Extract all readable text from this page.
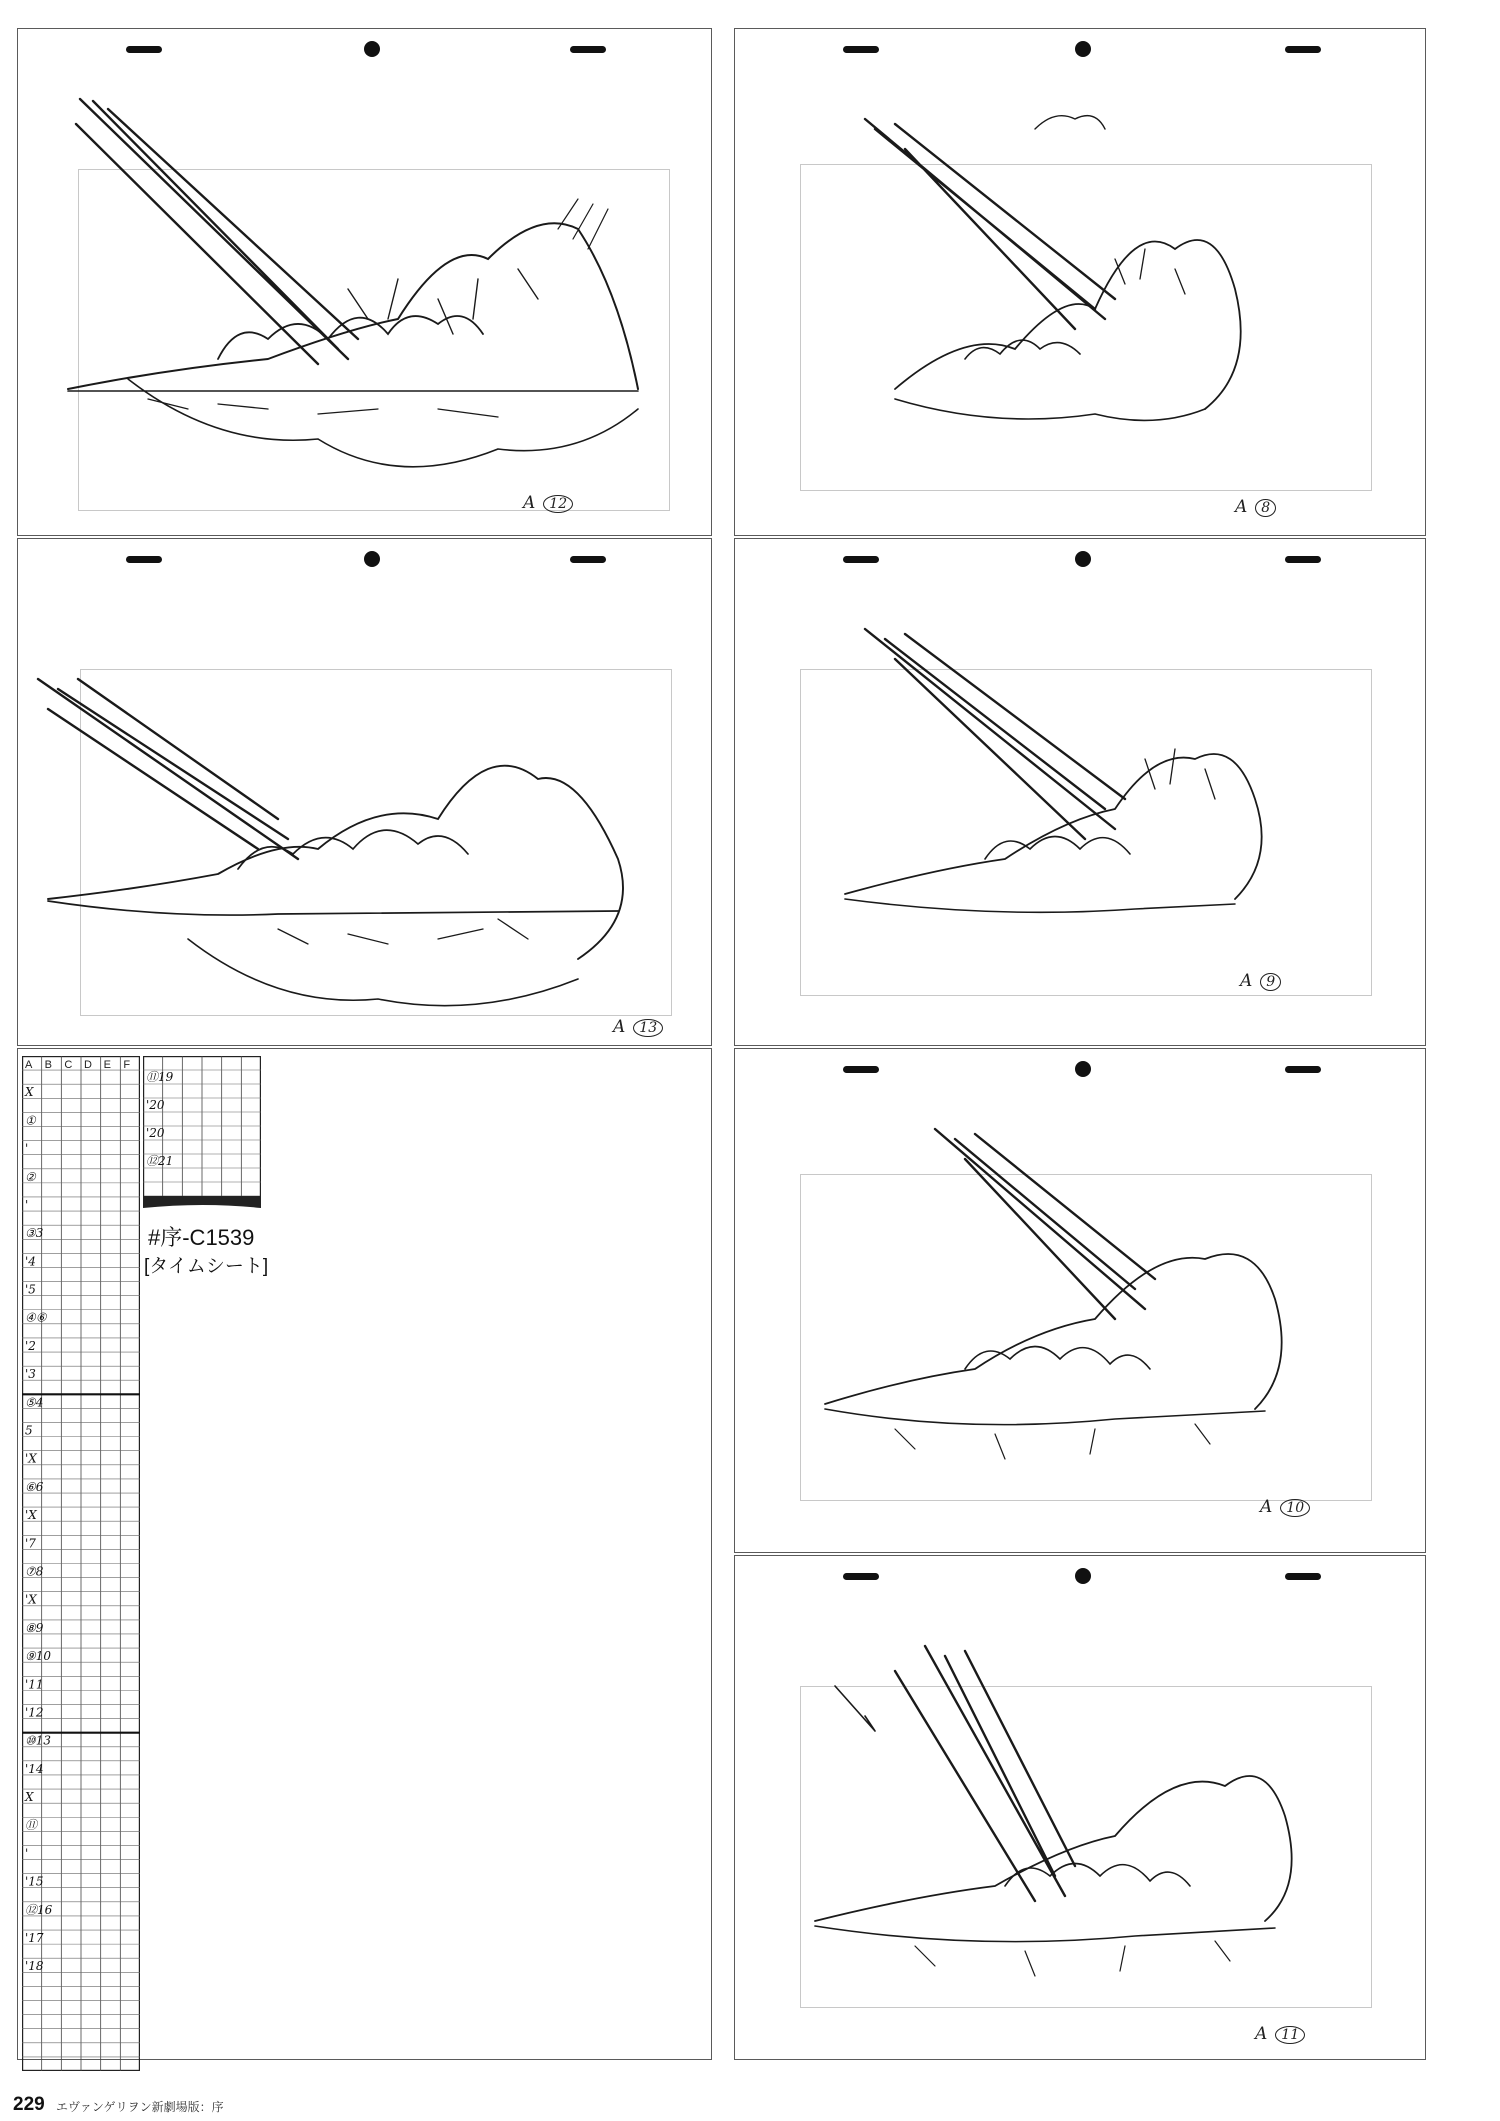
A 12	A 8
A 13
A 9
A 10
A 11
A B C D E F
X
①
'
②
'
③3
'4
'5
④⑥
'2
'3
⑤4
5
'X
⑥6
'X
'7
⑦8
'X
⑧9
⑨10
'11
'12
⑩13
'14
X
⑪
'
'15
⑫16
'17
'18
⑪19
'20
'20
⑫21
#序-C1539
[タイムシート]
229 エヴァンゲリヲン新劇場版：序
